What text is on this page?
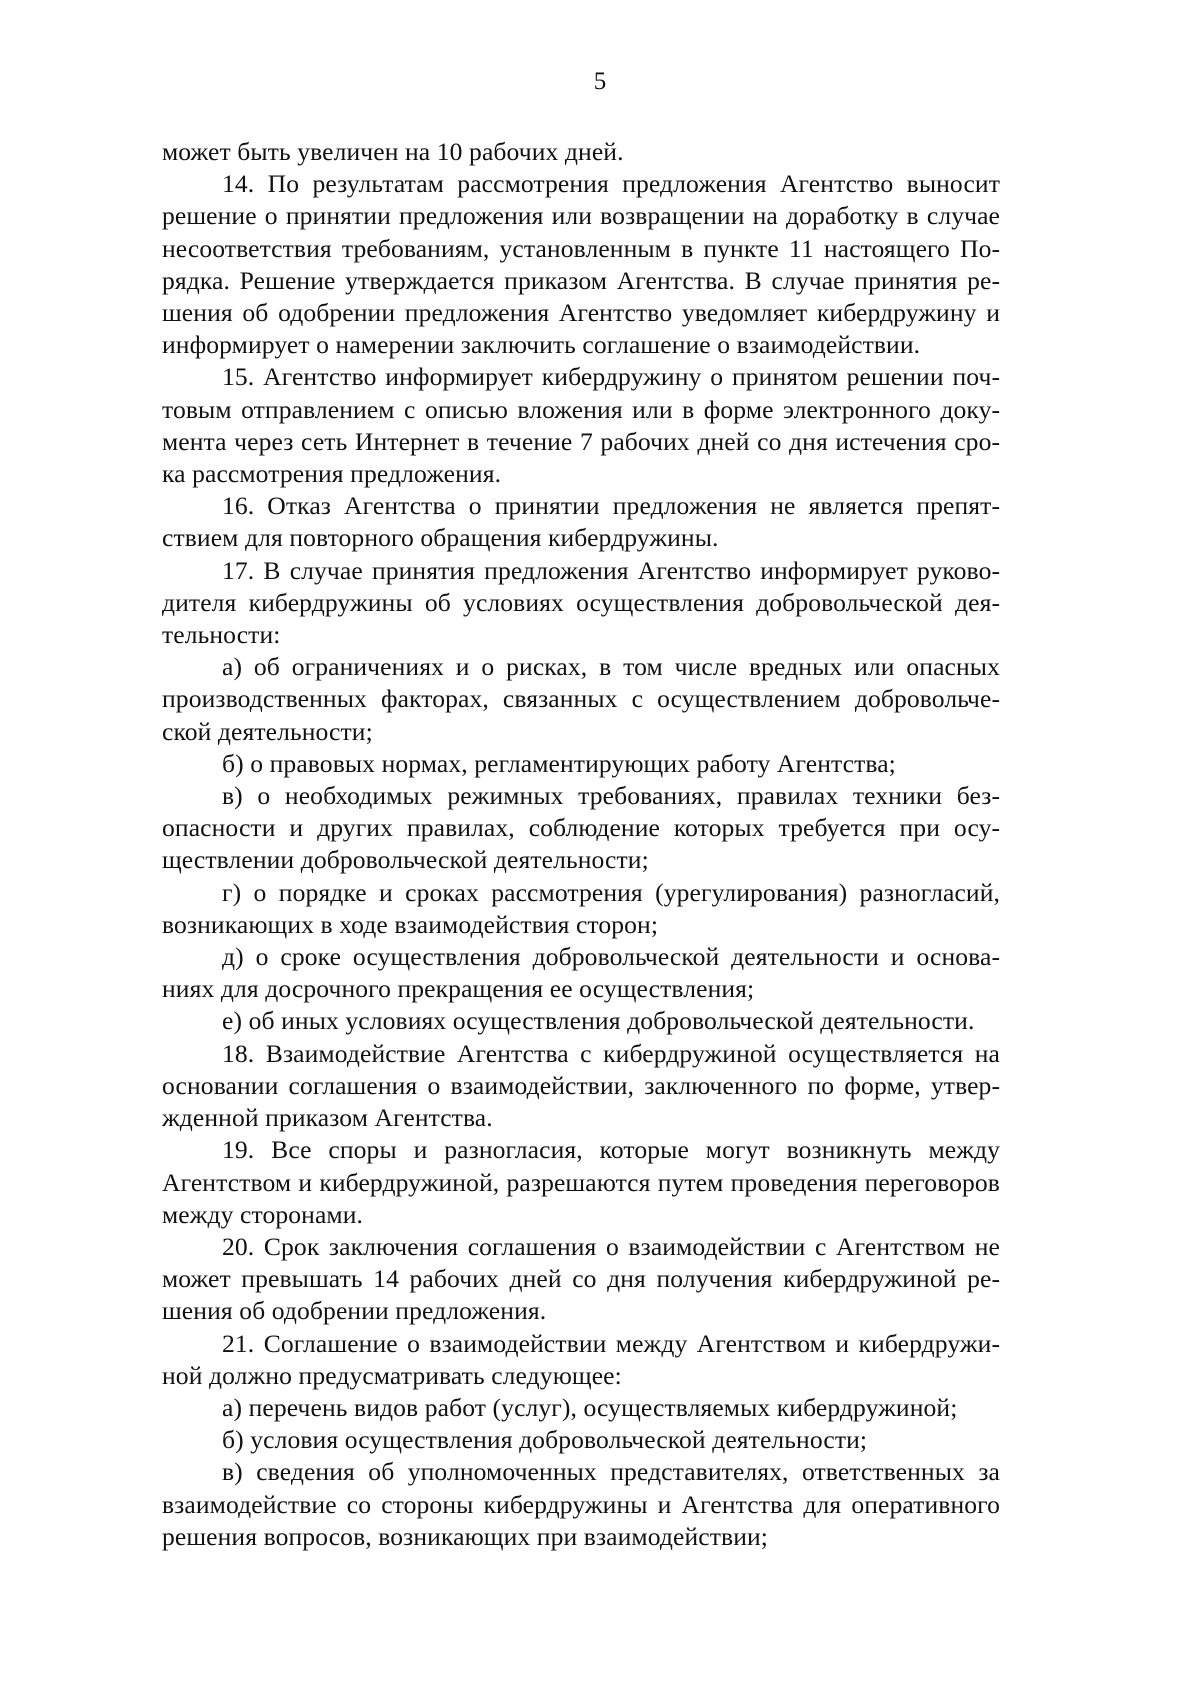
5

может быть увеличен на 10 рабочих дней.

14. По результатам рассмотрения предложения Агентство выносит решение о принятии предложения или возвращении на доработку в случае несоответствия требованиям, установленным в пункте 11 настоящего Порядка. Решение утверждается приказом Агентства. В случае принятия решения об одобрении предложения Агентство уведомляет кибердружину и информирует о намерении заключить соглашение о взаимодействии.

15. Агентство информирует кибердружину о принятом решении почтовым отправлением с описью вложения или в форме электронного документа через сеть Интернет в течение 7 рабочих дней со дня истечения срока рассмотрения предложения.

16. Отказ Агентства о принятии предложения не является препятствием для повторного обращения кибердружины.

17. В случае принятия предложения Агентство информирует руководителя кибердружины об условиях осуществления добровольческой деятельности:

а) об ограничениях и о рисках, в том числе вредных или опасных производственных факторах, связанных с осуществлением добровольческой деятельности;

б) о правовых нормах, регламентирующих работу Агентства;

в) о необходимых режимных требованиях, правилах техники безопасности и других правилах, соблюдение которых требуется при осуществлении добровольческой деятельности;

г) о порядке и сроках рассмотрения (урегулирования) разногласий, возникающих в ходе взаимодействия сторон;

д) о сроке осуществления добровольческой деятельности и основаниях для досрочного прекращения ее осуществления;

е) об иных условиях осуществления добровольческой деятельности.

18. Взаимодействие Агентства с кибердружиной осуществляется на основании соглашения о взаимодействии, заключенного по форме, утвержденной приказом Агентства.

19. Все споры и разногласия, которые могут возникнуть между Агентством и кибердружиной, разрешаются путем проведения переговоров между сторонами.

20. Срок заключения соглашения о взаимодействии с Агентством не может превышать 14 рабочих дней со дня получения кибердружиной решения об одобрении предложения.

21. Соглашение о взаимодействии между Агентством и кибердружиной должно предусматривать следующее:

а) перечень видов работ (услуг), осуществляемых кибердружиной;

б) условия осуществления добровольческой деятельности;

в) сведения об уполномоченных представителях, ответственных за взаимодействие со стороны кибердружины и Агентства для оперативного решения вопросов, возникающих при взаимодействии;
